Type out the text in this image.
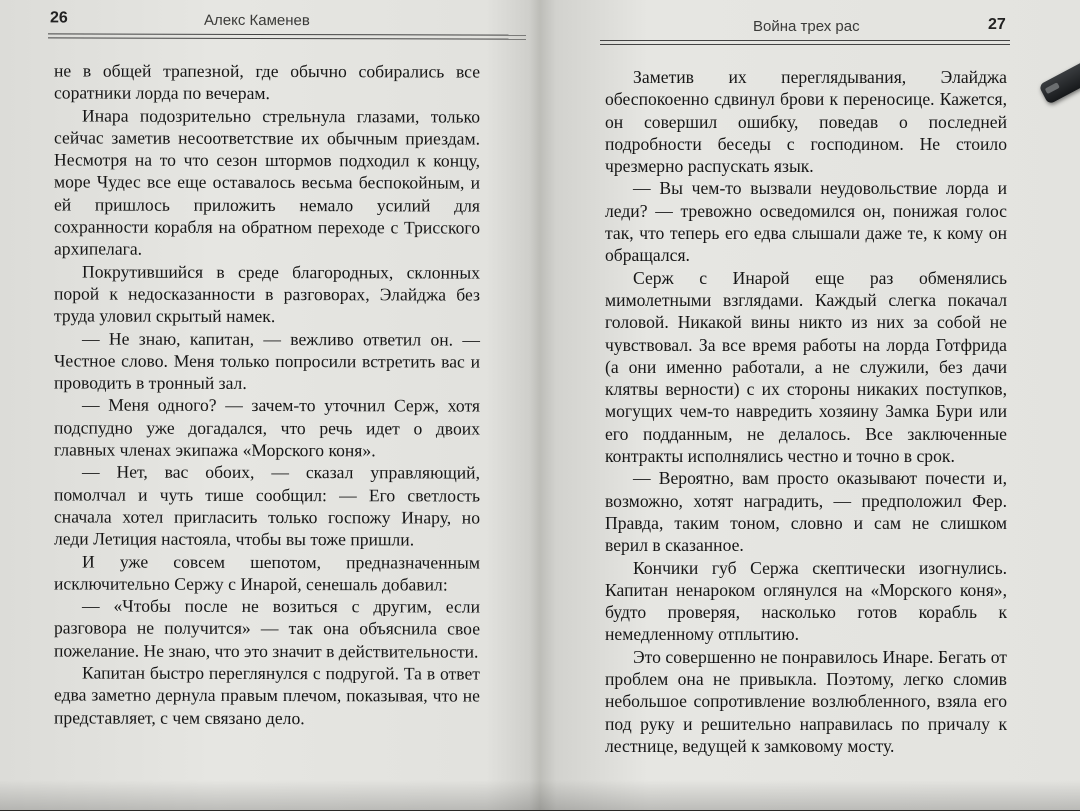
26	Алекс Каменев

не в общей трапезной, где обычно собирались все соратники лорда по вечерам.

Инара подозрительно стрельнула глазами, только сейчас заметив несоответствие их обычным приездам. Несмотря на то что сезон штормов подходил к концу, море Чудес все еще оставалось весьма беспокойным, и ей пришлось приложить немало усилий для сохранности корабля на обратном переходе с Трисского архипелага.

Покрутившийся в среде благородных, склонных порой к недосказанности в разговорах, Элайджа без труда уловил скрытый намек.

— Не знаю, капитан, — вежливо ответил он. — Честное слово. Меня только попросили встретить вас и проводить в тронный зал.

— Меня одного? — зачем-то уточнил Серж, хотя подспудно уже догадался, что речь идет о двоих главных членах экипажа «Морского коня».

— Нет, вас обоих, — сказал управляющий, помолчал и чуть тише сообщил: — Его светлость сначала хотел пригласить только госпожу Инару, но леди Летиция настояла, чтобы вы тоже пришли.

И уже совсем шепотом, предназначенным исключительно Сержу с Инарой, сенешаль добавил:

— «Чтобы после не возиться с другим, если разговора не получится» — так она объяснила свое пожелание. Не знаю, что это значит в действительности.

Капитан быстро переглянулся с подругой. Та в ответ едва заметно дернула правым плечом, показывая, что не представляет, с чем связано дело.

Война трех рас	27

Заметив их переглядывания, Элайджа обеспокоенно сдвинул брови к переносице. Кажется, он совершил ошибку, поведав о последней подробности беседы с господином. Не стоило чрезмерно распускать язык.

— Вы чем-то вызвали неудовольствие лорда и леди? — тревожно осведомился он, понижая голос так, что теперь его едва слышали даже те, к кому он обращался.

Серж с Инарой еще раз обменялись мимолетными взглядами. Каждый слегка покачал головой. Никакой вины никто из них за собой не чувствовал. За все время работы на лорда Готфрида (а они именно работали, а не служили, без дачи клятвы верности) с их стороны никаких поступков, могущих чем-то навредить хозяину Замка Бури или его подданным, не делалось. Все заключенные контракты исполнялись честно и точно в срок.

— Вероятно, вам просто оказывают почести и, возможно, хотят наградить, — предположил Фер. Правда, таким тоном, словно и сам не слишком верил в сказанное.

Кончики губ Сержа скептически изогнулись. Капитан ненароком оглянулся на «Морского коня», будто проверяя, насколько готов корабль к немедленному отплытию.

Это совершенно не понравилось Инаре. Бегать от проблем она не привыкла. Поэтому, легко сломив небольшое сопротивление возлюбленного, взяла его под руку и решительно направилась по причалу к лестнице, ведущей к замковому мосту.
